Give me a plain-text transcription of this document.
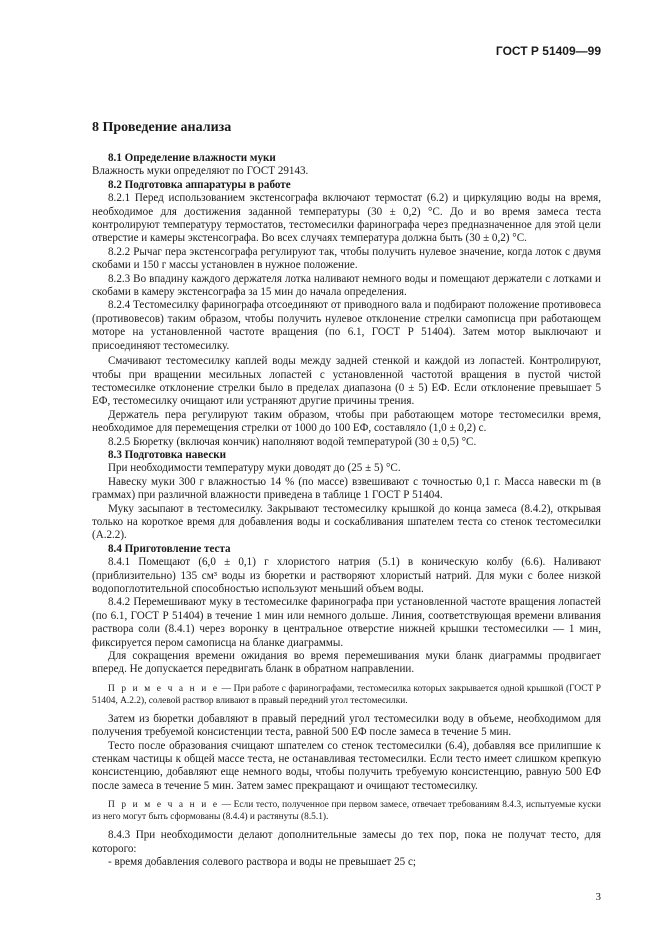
ГОСТ Р 51409—99
8 Проведение анализа

8.1 Определение влажности муки

Влажность муки определяют по ГОСТ 29143.

8.2 Подготовка аппаратуры в работе

8.2.1 Перед использованием экстенсографа включают термостат (6.2) и циркуляцию воды на время, необходимое для достижения заданной температуры (30 ± 0,2) °С. До и во время замеса теста контролируют температуру термостатов, тестомесилки фаринографа через предназначенное для этой цели отверстие и камеры экстенсографа. Во всех случаях температура должна быть (30 ± 0,2) °С.

8.2.2 Рычаг пера экстенсографа регулируют так, чтобы получить нулевое значение, когда лоток с двумя скобами и 150 г массы установлен в нужное положение.

8.2.3 Во впадину каждого держателя лотка наливают немного воды и помещают держатели с лотками и скобами в камеру экстенсографа за 15 мин до начала определения.

8.2.4 Тестомесилку фаринографа отсоединяют от приводного вала и подбирают положение противовеса (противовесов) таким образом, чтобы получить нулевое отклонение стрелки самописца при работающем моторе на установленной частоте вращения (по 6.1, ГОСТ Р 51404). Затем мотор выключают и присоединяют тестомесилку.

Смачивают тестомесилку каплей воды между задней стенкой и каждой из лопастей. Контролируют, чтобы при вращении месильных лопастей с установленной частотой вращения в пустой чистой тестомесилке отклонение стрелки было в пределах диапазона (0 ± 5) ЕФ. Если отклонение превышает 5 ЕФ, тестомесилку очищают или устраняют другие причины трения.

Держатель пера регулируют таким образом, чтобы при работающем моторе тестомесилки время, необходимое для перемещения стрелки от 1000 до 100 ЕФ, составляло (1,0 ± 0,2) с.

8.2.5 Бюретку (включая кончик) наполняют водой температурой (30 ± 0,5) °С.

8.3 Подготовка навески

При необходимости температуру муки доводят до (25 ± 5) °С.

Навеску муки 300 г влажностью 14 % (по массе) взвешивают с точностью 0,1 г. Масса навески m (в граммах) при различной влажности приведена в таблице 1 ГОСТ Р 51404.

Муку засыпают в тестомесилку. Закрывают тестомесилку крышкой до конца замеса (8.4.2), открывая только на короткое время для добавления воды и соскабливания шпателем теста со стенок тестомесилки (А.2.2).

8.4 Приготовление теста

8.4.1 Помещают (6,0 ± 0,1) г хлористого натрия (5.1) в коническую колбу (6.6). Наливают (приблизительно) 135 см³ воды из бюретки и растворяют хлористый натрий. Для муки с более низкой водопоглотительной способностью используют меньший объем воды.

8.4.2 Перемешивают муку в тестомесилке фаринографа при установленной частоте вращения лопастей (по 6.1, ГОСТ Р 51404) в течение 1 мин или немного дольше. Линия, соответствующая времени вливания раствора соли (8.4.1) через воронку в центральное отверстие нижней крышки тестомесилки — 1 мин, фиксируется пером самописца на бланке диаграммы.

Для сокращения времени ожидания во время перемешивания муки бланк диаграммы продвигает вперед. Не допускается передвигать бланк в обратном направлении.

П р и м е ч а н и е — При работе с фаринографами, тестомесилка которых закрывается одной крышкой (ГОСТ Р 51404, А.2.2), солевой раствор вливают в правый передний угол тестомесилки.

Затем из бюретки добавляют в правый передний угол тестомесилки воду в объеме, необходимом для получения требуемой консистенции теста, равной 500 ЕФ после замеса в течение 5 мин.

Тесто после образования счищают шпателем со стенок тестомесилки (6.4), добавляя все прилипшие к стенкам частицы к общей массе теста, не останавливая тестомесилки. Если тесто имеет слишком крепкую консистенцию, добавляют еще немного воды, чтобы получить требуемую консистенцию, равную 500 ЕФ после замеса в течение 5 мин. Затем замес прекращают и очищают тестомесилку.

П р и м е ч а н и е — Если тесто, полученное при первом замесе, отвечает требованиям 8.4.3, испытуемые куски из него могут быть сформованы (8.4.4) и растянуты (8.5.1).

8.4.3 При необходимости делают дополнительные замесы до тех пор, пока не получат тесто, для которого:

- время добавления солевого раствора и воды не превышает 25 с;

3
